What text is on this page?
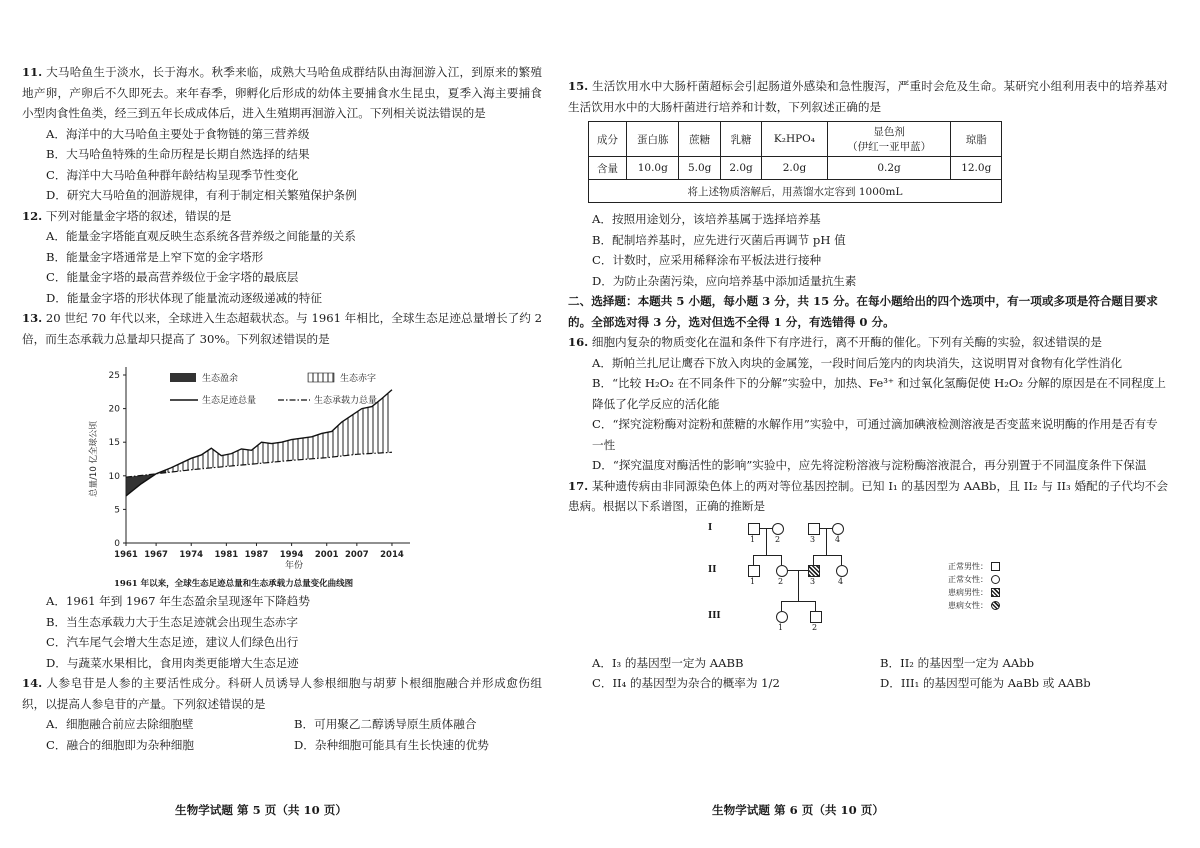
11. 大马哈鱼生于淡水，长于海水。秋季来临，成熟大马哈鱼成群结队由海洄游入江，到原来的繁殖地产卵，产卵后不久即死去。来年春季，卵孵化后形成的幼体主要捕食水生昆虫，夏季入海主要捕食小型肉食性鱼类，经三到五年长成成体后，进入生殖期再洄游入江。下列相关说法错误的是

A．海洋中的大马哈鱼主要处于食物链的第三营养级

B．大马哈鱼特殊的生命历程是长期自然选择的结果

C．海洋中大马哈鱼种群年龄结构呈现季节性变化

D．研究大马哈鱼的洄游规律，有利于制定相关繁殖保护条例

12. 下列对能量金字塔的叙述，错误的是

A．能量金字塔能直观反映生态系统各营养级之间能量的关系

B．能量金字塔通常是上窄下宽的金字塔形

C．能量金字塔的最高营养级位于金字塔的最底层

D．能量金字塔的形状体现了能量流动逐级递减的特征

13. 20 世纪 70 年代以来，全球进入生态超载状态。与 1961 年相比，全球生态足迹总量增长了约 2 倍，而生态承载力总量却只提高了 30%。下列叙述错误的是

0
5
10
15
20
25
1961 1967 1974 1981 1987 1994 2001 2007 2014
年份
总量/10 亿全球公顷
生态盈余	生态赤字
生态足迹总量	生态承载力总量

1961 年以来，全球生态足迹总量和生态承载力总量变化曲线图

A．1961 年到 1967 年生态盈余呈现逐年下降趋势

B．当生态承载力大于生态足迹就会出现生态赤字

C．汽车尾气会增大生态足迹，建议人们绿色出行

D．与蔬菜水果相比，食用肉类更能增大生态足迹

14. 人参皂苷是人参的主要活性成分。科研人员诱导人参根细胞与胡萝卜根细胞融合并形成愈伤组织，以提高人参皂苷的产量。下列叙述错误的是

A．细胞融合前应去除细胞壁	B．可用聚乙二醇诱导原生质体融合
C．融合的细胞即为杂种细胞	D．杂种细胞可能具有生长快速的优势
生物学试题 第 5 页（共 10 页）

15. 生活饮用水中大肠杆菌超标会引起肠道外感染和急性腹泻，严重时会危及生命。某研究小组利用表中的培养基对生活饮用水中的大肠杆菌进行培养和计数，下列叙述正确的是

成分	蛋白胨	蔗糖	乳糖	K₂HPO₄	显色剂
（伊红一亚甲蓝）	琼脂
含量	10.0g	5.0g	2.0g	2.0g	0.2g	12.0g
将上述物质溶解后，用蒸馏水定容到 1000mL						

A．按照用途划分，该培养基属于选择培养基

B．配制培养基时，应先进行灭菌后再调节 pH 值

C．计数时，应采用稀释涂布平板法进行接种

D．为防止杂菌污染，应向培养基中添加适量抗生素

二、选择题：本题共 5 小题，每小题 3 分，共 15 分。在每小题给出的四个选项中，有一项或多项是符合题目要求的。全部选对得 3 分，选对但选不全得 1 分，有选错得 0 分。

16. 细胞内复杂的物质变化在温和条件下有序进行，离不开酶的催化。下列有关酶的实验，叙述错误的是

A．斯帕兰扎尼让鹰吞下放入肉块的金属笼，一段时间后笼内的肉块消失，这说明胃对食物有化学性消化

B．“比较 H₂O₂ 在不同条件下的分解”实验中，加热、Fe³⁺ 和过氧化氢酶促使 H₂O₂ 分解的原因是在不同程度上降低了化学反应的活化能

C．“探究淀粉酶对淀粉和蔗糖的水解作用”实验中，可通过滴加碘液检测溶液是否变蓝来说明酶的作用是否有专一性

D．“探究温度对酶活性的影响”实验中，应先将淀粉溶液与淀粉酶溶液混合，再分别置于不同温度条件下保温

17. 某种遗传病由非同源染色体上的两对等位基因控制。已知 I₁ 的基因型为 AABb，且 II₂ 与 II₃ 婚配的子代均不会患病。根据以下系谱图，正确的推断是

I
II
III
1 2	3 4
1	2	3	4
1	2
正常男性：
正常女性：
患病男性：
患病女性：
A．I₃ 的基因型一定为 AABB	B．II₂ 的基因型一定为 AAbb
C．II₄ 的基因型为杂合的概率为 1/2	D．III₁ 的基因型可能为 AaBb 或 AABb
生物学试题 第 6 页（共 10 页）
